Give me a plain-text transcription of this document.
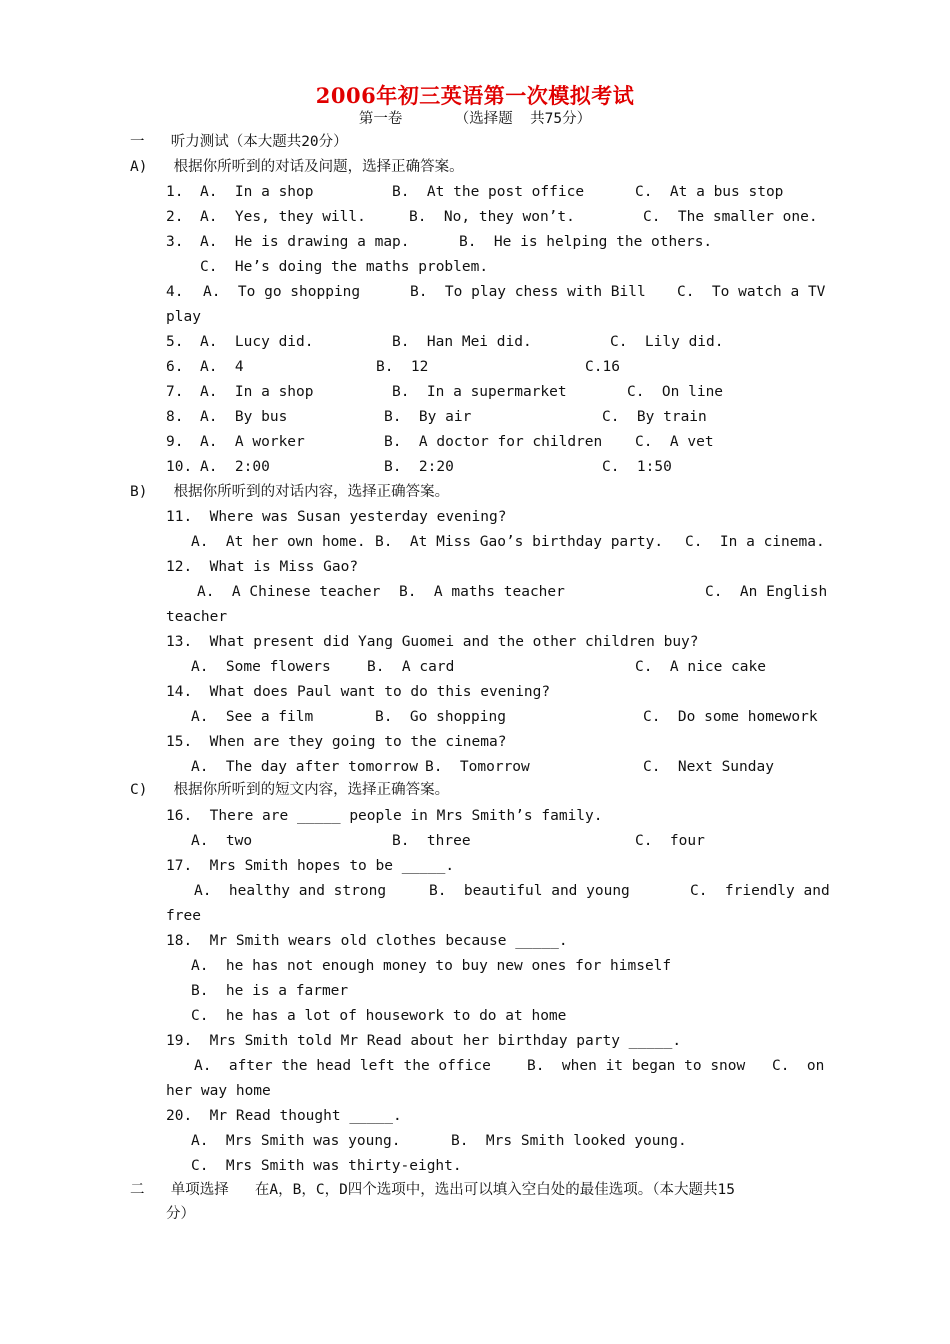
2006年初三英语第一次模拟考试
第一卷      （选择题  共75分）
一   听力测试（本大题共20分）
A)   根据你所听到的对话及问题，选择正确答案。
1. A.  In a shop	B.  At the post office	C.  At a bus stop
2. A.  Yes, they will.	B.  No, they won’t.	C.  The smaller one.
3. A.  He is drawing a map.	B.  He is helping the others.
C.  He’s doing the maths problem.
4. A.  To go shopping	B.  To play chess with Bill C.  To watch a TV
play
5. A.  Lucy did.	B.  Han Mei did.	C.  Lily did.
6. A.  4	B.  12	C.16
7. A.  In a shop	B.  In a supermarket	C.  On line
8. A.  By bus	B.  By air	C.  By train
9. A.  A worker	B.  A doctor for children C.  A vet
10. A.  2:00	B.  2:20	C.  1:50
B)   根据你所听到的对话内容，选择正确答案。
11.  Where was Susan yesterday evening?
A.  At her own home. B.  At Miss Gao’s birthday party. C.  In a cinema.
12.  What is Miss Gao?
A.  A Chinese teacher B.  A maths teacher	C.  An English
teacher
13.  What present did Yang Guomei and the other children buy?
A.  Some flowers	B.  A card	C.  A nice cake
14.  What does Paul want to do this evening?
A.  See a film	B.  Go shopping	C.  Do some homework
15.  When are they going to the cinema?
A.  The day after tomorrow B.  Tomorrow	C.  Next Sunday
C)   根据你所听到的短文内容，选择正确答案。
16.  There are _____ people in Mrs Smith’s family.
A.  two	B.  three	C.  four
17.  Mrs Smith hopes to be _____.
A.  healthy and strong	B.  beautiful and young	C.  friendly and
free
18.  Mr Smith wears old clothes because _____.
A.  he has not enough money to buy new ones for himself
B.  he is a farmer
C.  he has a lot of housework to do at home
19.  Mrs Smith told Mr Read about her birthday party _____.
A.  after the head left the office B.  when it began to snow C.  on
her way home
20.  Mr Read thought _____.
A.  Mrs Smith was young.	B.  Mrs Smith looked young.
C.  Mrs Smith was thirty-eight.
二   单项选择   在A，B，C，D四个选项中，选出可以填入空白处的最佳选项。（本大题共15
分）
